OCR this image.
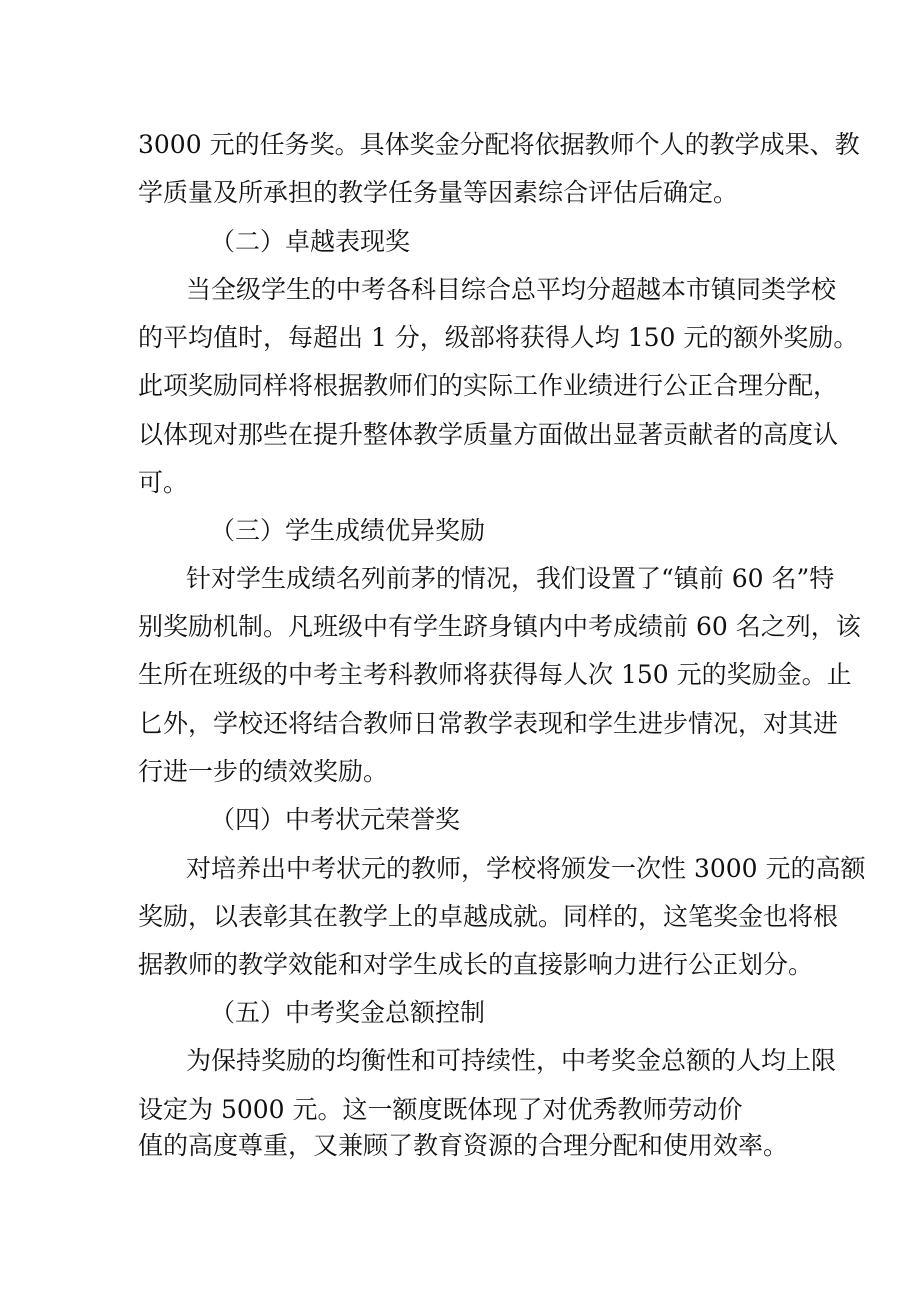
3000 元的任务奖。具体奖金分配将依据教师个人的教学成果、教
学质量及所承担的教学任务量等因素综合评估后确定。
（二）卓越表现奖
当全级学生的中考各科目综合总平均分超越本市镇同类学校
的平均值时，每超出 1 分，级部将获得人均 150 元的额外奖励。
此项奖励同样将根据教师们的实际工作业绩进行公正合理分配，
以体现对那些在提升整体教学质量方面做出显著贡献者的高度认
可。
（三）学生成绩优异奖励
针对学生成绩名列前茅的情况，我们设置了“镇前 60 名”特
别奖励机制。凡班级中有学生跻身镇内中考成绩前 60 名之列，该
生所在班级的中考主考科教师将获得每人次 150 元的奖励金。止
匕外，学校还将结合教师日常教学表现和学生进步情况，对其进
行进一步的绩效奖励。
（四）中考状元荣誉奖
对培养出中考状元的教师，学校将颁发一次性 3000 元的高额
奖励，以表彰其在教学上的卓越成就。同样的，这笔奖金也将根
据教师的教学效能和对学生成长的直接影响力进行公正划分。
（五）中考奖金总额控制
为保持奖励的均衡性和可持续性，中考奖金总额的人均上限
设定为 5000 元。这一额度既体现了对优秀教师劳动价
值的高度尊重，又兼顾了教育资源的合理分配和使用效率。
